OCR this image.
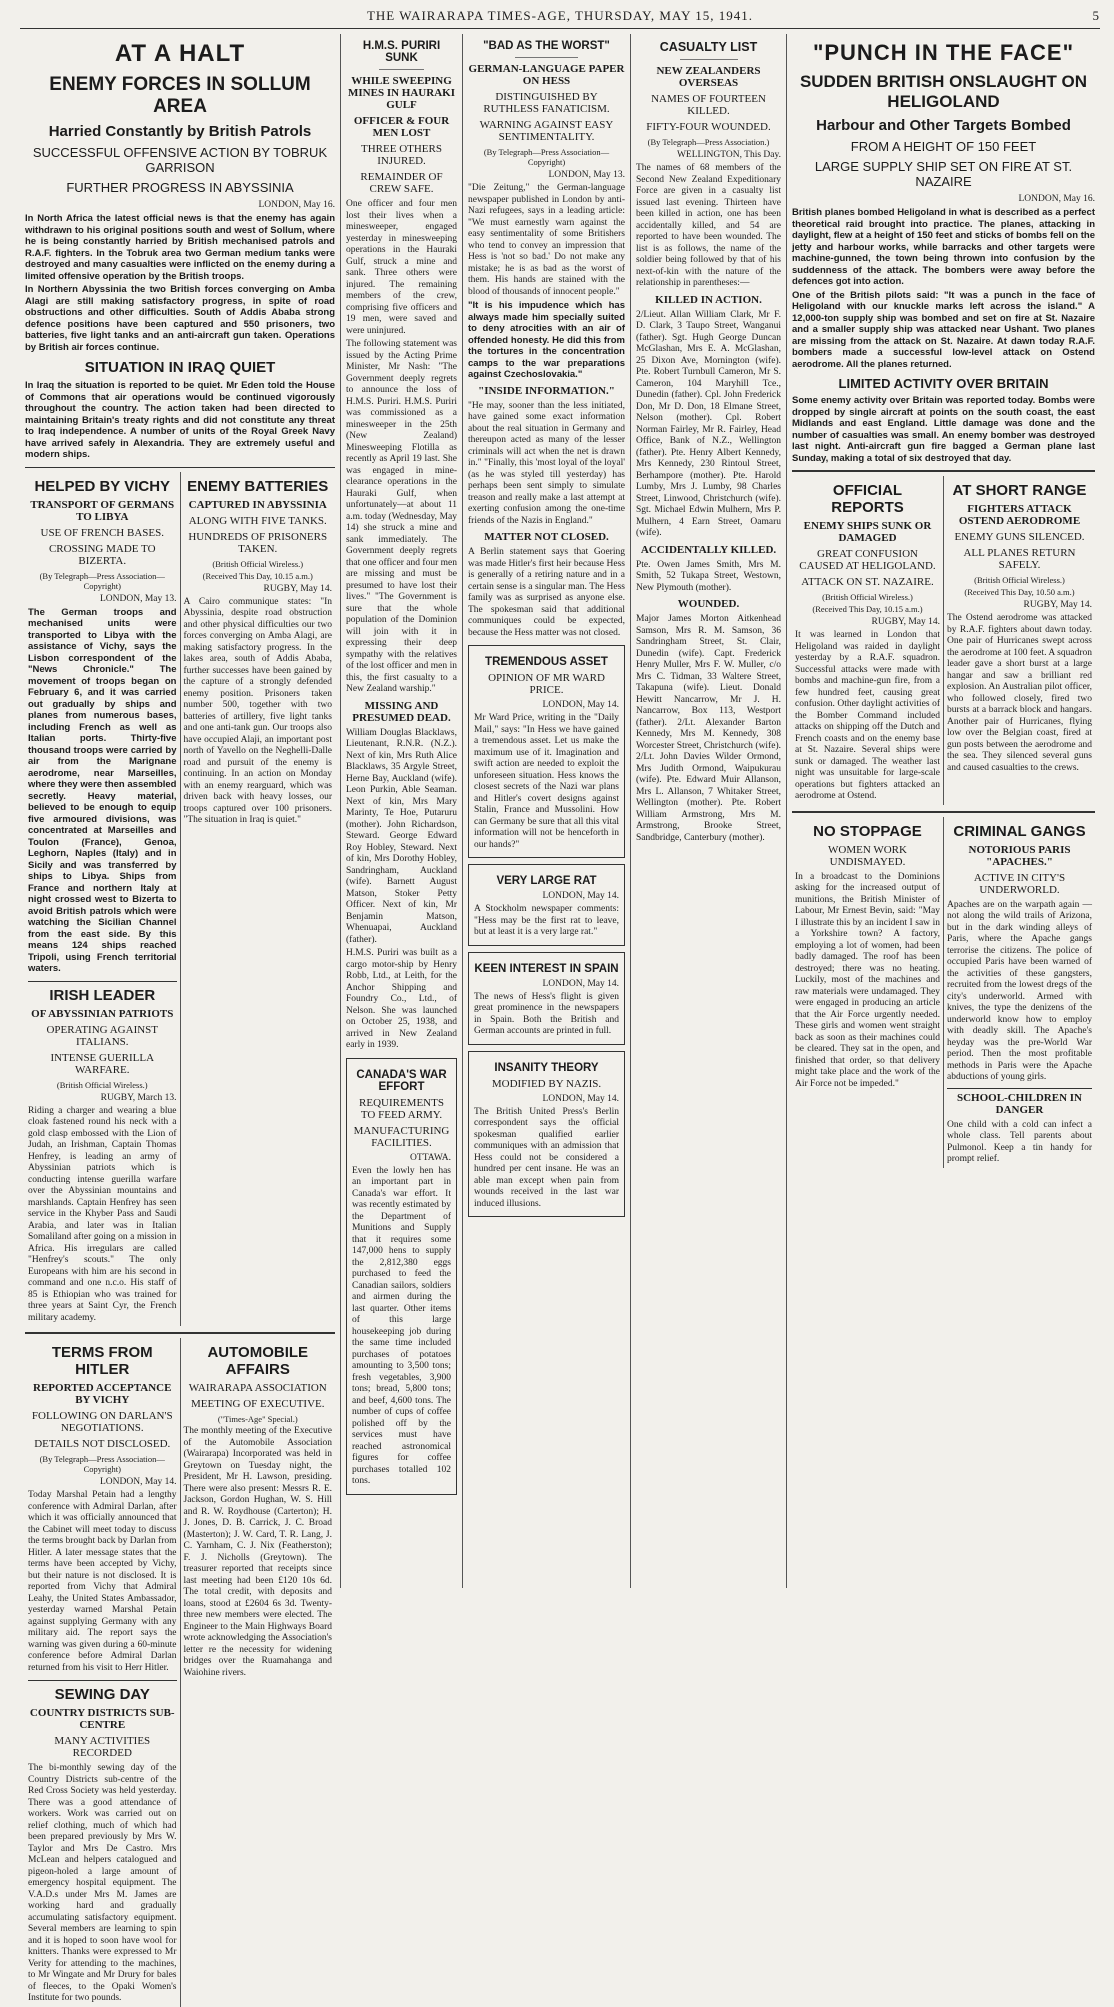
THE WAIRARAPA TIMES-AGE, THURSDAY, MAY 15, 1941.	5
AT A HALT
ENEMY FORCES IN SOLLUM AREA
Harried Constantly by British Patrols
SUCCESSFUL OFFENSIVE ACTION BY TOBRUK GARRISON
FURTHER PROGRESS IN ABYSSINIA
LONDON, May 16.

In North Africa the latest official news is that the enemy has again withdrawn to his original positions south and west of Sollum, where he is being constantly harried by British mechanised patrols and R.A.F. fighters. In the Tobruk area two German medium tanks were destroyed and many casualties were inflicted on the enemy during a limited offensive operation by the British troops.

In Northern Abyssinia the two British forces converging on Amba Alagi are still making satisfactory progress, in spite of road obstructions and other difficulties. South of Addis Ababa strong defence positions have been captured and 550 prisoners, two batteries, five light tanks and an anti-aircraft gun taken. Operations by British air forces continue.

SITUATION IN IRAQ QUIET

In Iraq the situation is reported to be quiet. Mr Eden told the House of Commons that air operations would be continued vigorously throughout the country. The action taken had been directed to maintaining Britain's treaty rights and did not constitute any threat to Iraq independence. A number of units of the Royal Greek Navy have arrived safely in Alexandria. They are extremely useful and modern ships.

HELPED BY VICHY
TRANSPORT OF GERMANS TO LIBYA
USE OF FRENCH BASES.
CROSSING MADE TO BIZERTA.
(By Telegraph—Press Association—Copyright)
LONDON, May 13.

The German troops and mechanised units were transported to Libya with the assistance of Vichy, says the Lisbon correspondent of the "News Chronicle." The movement of troops began on February 6, and it was carried out gradually by ships and planes from numerous bases, including French as well as Italian ports. Thirty-five thousand troops were carried by air from the Marignane aerodrome, near Marseilles, where they were then assembled secretly. Heavy material, believed to be enough to equip five armoured divisions, was concentrated at Marseilles and Toulon (France), Genoa, Leghorn, Naples (Italy) and in Sicily and was transferred by ships to Libya. Ships from France and northern Italy at night crossed west to Bizerta to avoid British patrols which were watching the Sicilian Channel from the east side. By this means 124 ships reached Tripoli, using French territorial waters.

IRISH LEADER
OF ABYSSINIAN PATRIOTS
OPERATING AGAINST ITALIANS.
INTENSE GUERILLA WARFARE.
(British Official Wireless.)
RUGBY, March 13.

Riding a charger and wearing a blue cloak fastened round his neck with a gold clasp embossed with the Lion of Judah, an Irishman, Captain Thomas Henfrey, is leading an army of Abyssinian patriots which is conducting intense guerilla warfare over the Abyssinian mountains and marshlands. Captain Henfrey has seen service in the Khyber Pass and Saudi Arabia, and later was in Italian Somaliland after going on a mission in Africa. His irregulars are called "Henfrey's scouts." The only Europeans with him are his second in command and one n.c.o. His staff of 85 is Ethiopian who was trained for three years at Saint Cyr, the French military academy.

ENEMY BATTERIES
CAPTURED IN ABYSSINIA
ALONG WITH FIVE TANKS.
HUNDREDS OF PRISONERS TAKEN.
(British Official Wireless.)
(Received This Day, 10.15 a.m.)
RUGBY, May 14.

A Cairo communique states: "In Abyssinia, despite road obstruction and other physical difficulties our two forces converging on Amba Alagi, are making satisfactory progress. In the lakes area, south of Addis Ababa, further successes have been gained by the capture of a strongly defended enemy position. Prisoners taken number 500, together with two batteries of artillery, five light tanks and one anti-tank gun. Our troops also have occupied Alaji, an important post north of Yavello on the Neghelli-Dalle road and pursuit of the enemy is continuing. In an action on Monday with an enemy rearguard, which was driven back with heavy losses, our troops captured over 100 prisoners. "The situation in Iraq is quiet."

TERMS FROM HITLER
REPORTED ACCEPTANCE BY VICHY
FOLLOWING ON DARLAN'S NEGOTIATIONS.
DETAILS NOT DISCLOSED.
(By Telegraph—Press Association—Copyright)
LONDON, May 14.

Today Marshal Petain had a lengthy conference with Admiral Darlan, after which it was officially announced that the Cabinet will meet today to discuss the terms brought back by Darlan from Hitler. A later message states that the terms have been accepted by Vichy, but their nature is not disclosed. It is reported from Vichy that Admiral Leahy, the United States Ambassador, yesterday warned Marshal Petain against supplying Germany with any military aid. The report says the warning was given during a 60-minute conference before Admiral Darlan returned from his visit to Herr Hitler.

SEWING DAY
COUNTRY DISTRICTS SUB-CENTRE
MANY ACTIVITIES RECORDED

The bi-monthly sewing day of the Country Districts sub-centre of the Red Cross Society was held yesterday. There was a good attendance of workers. Work was carried out on relief clothing, much of which had been prepared previously by Mrs W. Taylor and Mrs De Castro. Mrs McLean and helpers catalogued and pigeon-holed a large amount of emergency hospital equipment. The V.A.D.s under Mrs M. James are working hard and gradually accumulating satisfactory equipment. Several members are learning to spin and it is hoped to soon have wool for knitters. Thanks were expressed to Mr Verity for attending to the machines, to Mr Wingate and Mr Drury for bales of fleeces, to the Opaki Women's Institute for two pounds.

AUTOMOBILE AFFAIRS
WAIRARAPA ASSOCIATION
MEETING OF EXECUTIVE.
("Times-Age" Special.)

The monthly meeting of the Executive of the Automobile Association (Wairarapa) Incorporated was held in Greytown on Tuesday night, the President, Mr H. Lawson, presiding. There were also present: Messrs R. E. Jackson, Gordon Hughan, W. S. Hill and R. W. Roydhouse (Carterton); H. J. Jones, D. B. Carrick, J. C. Broad (Masterton); J. W. Card, T. R. Lang, J. C. Yarnham, C. J. Nix (Featherston); F. J. Nicholls (Greytown). The treasurer reported that receipts since last meeting had been £120 10s 6d. The total credit, with deposits and loans, stood at £2604 6s 3d. Twenty-three new members were elected. The Engineer to the Main Highways Board wrote acknowledging the Association's letter re the necessity for widening bridges over the Ruamahanga and Waiohine rivers.

H.M.S. PURIRI SUNK
WHILE SWEEPING MINES IN HAURAKI GULF
OFFICER & FOUR MEN LOST
THREE OTHERS INJURED.
REMAINDER OF CREW SAFE.

One officer and four men lost their lives when a minesweeper, engaged yesterday in minesweeping operations in the Hauraki Gulf, struck a mine and sank. Three others were injured. The remaining members of the crew, comprising five officers and 19 men, were saved and were uninjured.

The following statement was issued by the Acting Prime Minister, Mr Nash: "The Government deeply regrets to announce the loss of H.M.S. Puriri. H.M.S. Puriri was commissioned as a minesweeper in the 25th (New Zealand) Minesweeping Flotilla as recently as April 19 last. She was engaged in mine-clearance operations in the Hauraki Gulf, when unfortunately—at about 11 a.m. today (Wednesday, May 14) she struck a mine and sank immediately. The Government deeply regrets that one officer and four men are missing and must be presumed to have lost their lives." "The Government is sure that the whole population of the Dominion will join with it in expressing their deep sympathy with the relatives of the lost officer and men in this, the first casualty to a New Zealand warship."

MISSING AND PRESUMED DEAD.

William Douglas Blacklaws, Lieutenant, R.N.R. (N.Z.). Next of kin, Mrs Ruth Alice Blacklaws, 35 Argyle Street, Herne Bay, Auckland (wife). Leon Purkin, Able Seaman. Next of kin, Mrs Mary Marinty, Te Hoe, Putaruru (mother). John Richardson, Steward. George Edward Roy Hobley, Steward. Next of kin, Mrs Dorothy Hobley, Sandringham, Auckland (wife). Barnett August Matson, Stoker Petty Officer. Next of kin, Mr Benjamin Matson, Whenuapai, Auckland (father).

H.M.S. Puriri was built as a cargo motor-ship by Henry Robb, Ltd., at Leith, for the Anchor Shipping and Foundry Co., Ltd., of Nelson. She was launched on October 25, 1938, and arrived in New Zealand early in 1939.

CANADA'S WAR EFFORT
REQUIREMENTS TO FEED ARMY.
MANUFACTURING FACILITIES.
OTTAWA.

Even the lowly hen has an important part in Canada's war effort. It was recently estimated by the Department of Munitions and Supply that it requires some 147,000 hens to supply the 2,812,380 eggs purchased to feed the Canadian sailors, soldiers and airmen during the last quarter. Other items of this large housekeeping job during the same time included purchases of potatoes amounting to 3,500 tons; fresh vegetables, 3,900 tons; bread, 5,800 tons; and beef, 4,600 tons. The number of cups of coffee polished off by the services must have reached astronomical figures for coffee purchases totalled 102 tons.

"BAD AS THE WORST"
GERMAN-LANGUAGE PAPER ON HESS
DISTINGUISHED BY RUTHLESS FANATICISM.
WARNING AGAINST EASY SENTIMENTALITY.
(By Telegraph—Press Association—Copyright)
LONDON, May 13.

"Die Zeitung," the German-language newspaper published in London by anti-Nazi refugees, says in a leading article: "We must earnestly warn against the easy sentimentality of some Britishers who tend to convey an impression that Hess is 'not so bad.' Do not make any mistake; he is as bad as the worst of them. His hands are stained with the blood of thousands of innocent people."

"It is his impudence which has always made him specially suited to deny atrocities with an air of offended honesty. He did this from the tortures in the concentration camps to the war preparations against Czechoslovakia."

"INSIDE INFORMATION."

"He may, sooner than the less initiated, have gained some exact information about the real situation in Germany and thereupon acted as many of the lesser criminals will act when the net is drawn in." "Finally, this 'most loyal of the loyal' (as he was styled till yesterday) has perhaps been sent simply to simulate treason and really make a last attempt at exerting confusion among the one-time friends of the Nazis in England."

MATTER NOT CLOSED.

A Berlin statement says that Goering was made Hitler's first heir because Hess is generally of a retiring nature and in a certain sense is a singular man. The Hess family was as surprised as anyone else. The spokesman said that additional communiques could be expected, because the Hess matter was not closed.

TREMENDOUS ASSET
OPINION OF MR WARD PRICE.
LONDON, May 14.

Mr Ward Price, writing in the "Daily Mail," says: "In Hess we have gained a tremendous asset. Let us make the maximum use of it. Imagination and swift action are needed to exploit the unforeseen situation. Hess knows the closest secrets of the Nazi war plans and Hitler's covert designs against Stalin, France and Mussolini. How can Germany be sure that all this vital information will not be henceforth in our hands?"

VERY LARGE RAT
LONDON, May 14.

A Stockholm newspaper comments: "Hess may be the first rat to leave, but at least it is a very large rat."

KEEN INTEREST IN SPAIN
LONDON, May 14.

The news of Hess's flight is given great prominence in the newspapers in Spain. Both the British and German accounts are printed in full.

INSANITY THEORY
MODIFIED BY NAZIS.
LONDON, May 14.

The British United Press's Berlin correspondent says the official spokesman qualified earlier communiques with an admission that Hess could not be considered a hundred per cent insane. He was an able man except when pain from wounds received in the last war induced illusions.

CASUALTY LIST
NEW ZEALANDERS OVERSEAS
NAMES OF FOURTEEN KILLED.
FIFTY-FOUR WOUNDED.
(By Telegraph—Press Association.)
WELLINGTON, This Day.

The names of 68 members of the Second New Zealand Expeditionary Force are given in a casualty list issued last evening. Thirteen have been killed in action, one has been accidentally killed, and 54 are reported to have been wounded. The list is as follows, the name of the soldier being followed by that of his next-of-kin with the nature of the relationship in parentheses:—

KILLED IN ACTION.

2/Lieut. Allan William Clark, Mr F. D. Clark, 3 Taupo Street, Wanganui (father). Sgt. Hugh George Duncan McGlashan, Mrs E. A. McGlashan, 25 Dixon Ave, Mornington (wife). Pte. Robert Turnbull Cameron, Mr S. Cameron, 104 Maryhill Tce., Dunedin (father). Cpl. John Frederick Don, Mr D. Don, 18 Elmane Street, Nelson (mother). Cpl. Robert Norman Fairley, Mr R. Fairley, Head Office, Bank of N.Z., Wellington (father). Pte. Henry Albert Kennedy, Mrs Kennedy, 230 Rintoul Street, Berhampore (mother). Pte. Harold Lumby, Mrs J. Lumby, 98 Charles Street, Linwood, Christchurch (wife). Sgt. Michael Edwin Mulhern, Mrs P. Mulhern, 4 Earn Street, Oamaru (wife).

ACCIDENTALLY KILLED.

Pte. Owen James Smith, Mrs M. Smith, 52 Tukapa Street, Westown, New Plymouth (mother).

WOUNDED.

Major James Morton Aitkenhead Samson, Mrs R. M. Samson, 36 Sandringham Street, St. Clair, Dunedin (wife). Capt. Frederick Henry Muller, Mrs F. W. Muller, c/o Mrs C. Tidman, 33 Waltere Street, Takapuna (wife). Lieut. Donald Hewitt Nancarrow, Mr J. H. Nancarrow, Box 113, Westport (father). 2/Lt. Alexander Barton Kennedy, Mrs M. Kennedy, 308 Worcester Street, Christchurch (wife). 2/Lt. John Davies Wilder Ormond, Mrs Judith Ormond, Waipukurau (wife). Pte. Edward Muir Allanson, Mrs L. Allanson, 7 Whitaker Street, Wellington (mother). Pte. Robert William Armstrong, Mrs M. Armstrong, Brooke Street, Sandbridge, Canterbury (mother).

"PUNCH IN THE FACE"
SUDDEN BRITISH ONSLAUGHT ON HELIGOLAND
Harbour and Other Targets Bombed
FROM A HEIGHT OF 150 FEET
LARGE SUPPLY SHIP SET ON FIRE AT ST. NAZAIRE
LONDON, May 16.

British planes bombed Heligoland in what is described as a perfect theoretical raid brought into practice. The planes, attacking in daylight, flew at a height of 150 feet and sticks of bombs fell on the jetty and harbour works, while barracks and other targets were machine-gunned, the town being thrown into confusion by the suddenness of the attack. The bombers were away before the defences got into action.

One of the British pilots said: "It was a punch in the face of Heligoland with our knuckle marks left across the island." A 12,000-ton supply ship was bombed and set on fire at St. Nazaire and a smaller supply ship was attacked near Ushant. Two planes are missing from the attack on St. Nazaire. At dawn today R.A.F. bombers made a successful low-level attack on Ostend aerodrome. All the planes returned.

LIMITED ACTIVITY OVER BRITAIN

Some enemy activity over Britain was reported today. Bombs were dropped by single aircraft at points on the south coast, the east Midlands and east England. Little damage was done and the number of casualties was small. An enemy bomber was destroyed last night. Anti-aircraft gun fire bagged a German plane last Sunday, making a total of six destroyed that day.

OFFICIAL REPORTS
ENEMY SHIPS SUNK OR DAMAGED
GREAT CONFUSION CAUSED AT HELIGOLAND.
ATTACK ON ST. NAZAIRE.
(British Official Wireless.)
(Received This Day, 10.15 a.m.)
RUGBY, May 14.

It was learned in London that Heligoland was raided in daylight yesterday by a R.A.F. squadron. Successful attacks were made with bombs and machine-gun fire, from a few hundred feet, causing great confusion. Other daylight activities of the Bomber Command included attacks on shipping off the Dutch and French coasts and on the enemy base at St. Nazaire. Several ships were sunk or damaged. The weather last night was unsuitable for large-scale operations but fighters attacked an aerodrome at Ostend.

AT SHORT RANGE
FIGHTERS ATTACK OSTEND AERODROME
ENEMY GUNS SILENCED.
ALL PLANES RETURN SAFELY.
(British Official Wireless.)
(Received This Day, 10.50 a.m.)
RUGBY, May 14.

The Ostend aerodrome was attacked by R.A.F. fighters about dawn today. One pair of Hurricanes swept across the aerodrome at 100 feet. A squadron leader gave a short burst at a large hangar and saw a brilliant red explosion. An Australian pilot officer, who followed closely, fired two bursts at a barrack block and hangars. Another pair of Hurricanes, flying low over the Belgian coast, fired at gun posts between the aerodrome and the sea. They silenced several guns and caused casualties to the crews.

NO STOPPAGE
WOMEN WORK UNDISMAYED.

In a broadcast to the Dominions asking for the increased output of munitions, the British Minister of Labour, Mr Ernest Bevin, said: "May I illustrate this by an incident I saw in a Yorkshire town? A factory, employing a lot of women, had been badly damaged. The roof has been destroyed; there was no heating. Luckily, most of the machines and raw materials were undamaged. They were engaged in producing an article that the Air Force urgently needed. These girls and women went straight back as soon as their machines could be cleared. They sat in the open, and finished that order, so that delivery might take place and the work of the Air Force not be impeded."

CRIMINAL GANGS
NOTORIOUS PARIS "APACHES."
ACTIVE IN CITY'S UNDERWORLD.

Apaches are on the warpath again — not along the wild trails of Arizona, but in the dark winding alleys of Paris, where the Apache gangs terrorise the citizens. The police of occupied Paris have been warned of the activities of these gangsters, recruited from the lowest dregs of the city's underworld. Armed with knives, the type the denizens of the underworld know how to employ with deadly skill. The Apache's heyday was the pre-World War period. Then the most profitable methods in Paris were the Apache abductions of young girls.

SCHOOL-CHILDREN IN DANGER

One child with a cold can infect a whole class. Tell parents about Pulmonol. Keep a tin handy for prompt relief.
